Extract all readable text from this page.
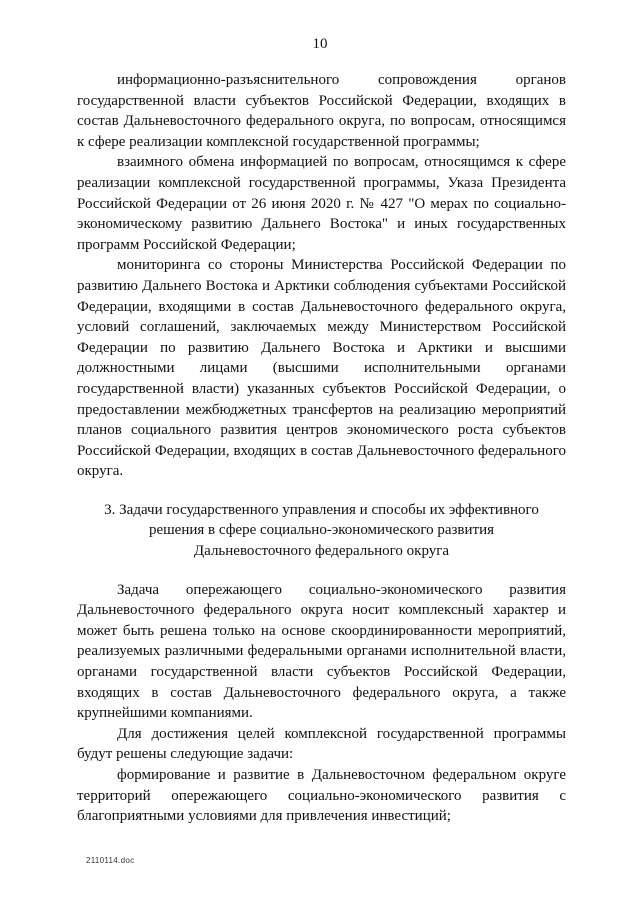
10

информационно-разъяснительного сопровождения органов государственной власти субъектов Российской Федерации, входящих в состав Дальневосточного федерального округа, по вопросам, относящимся к сфере реализации комплексной государственной программы;

взаимного обмена информацией по вопросам, относящимся к сфере реализации комплексной государственной программы, Указа Президента Российской Федерации от 26 июня 2020 г. № 427 "О мерах по социально-экономическому развитию Дальнего Востока" и иных государственных программ Российской Федерации;

мониторинга со стороны Министерства Российской Федерации по развитию Дальнего Востока и Арктики соблюдения субъектами Российской Федерации, входящими в состав Дальневосточного федерального округа, условий соглашений, заключаемых между Министерством Российской Федерации по развитию Дальнего Востока и Арктики и высшими должностными лицами (высшими исполнительными органами государственной власти) указанных субъектов Российской Федерации, о предоставлении межбюджетных трансфертов на реализацию мероприятий планов социального развития центров экономического роста субъектов Российской Федерации, входящих в состав Дальневосточного федерального округа.

3. Задачи государственного управления и способы их эффективного
решения в сфере социально-экономического развития
Дальневосточного федерального округа

Задача опережающего социально-экономического развития Дальневосточного федерального округа носит комплексный характер и может быть решена только на основе скоординированности мероприятий, реализуемых различными федеральными органами исполнительной власти, органами государственной власти субъектов Российской Федерации, входящих в состав Дальневосточного федерального округа, а также крупнейшими компаниями.

Для достижения целей комплексной государственной программы будут решены следующие задачи:

формирование и развитие в Дальневосточном федеральном округе территорий опережающего социально-экономического развития с благоприятными условиями для привлечения инвестиций;

2110114.doc
